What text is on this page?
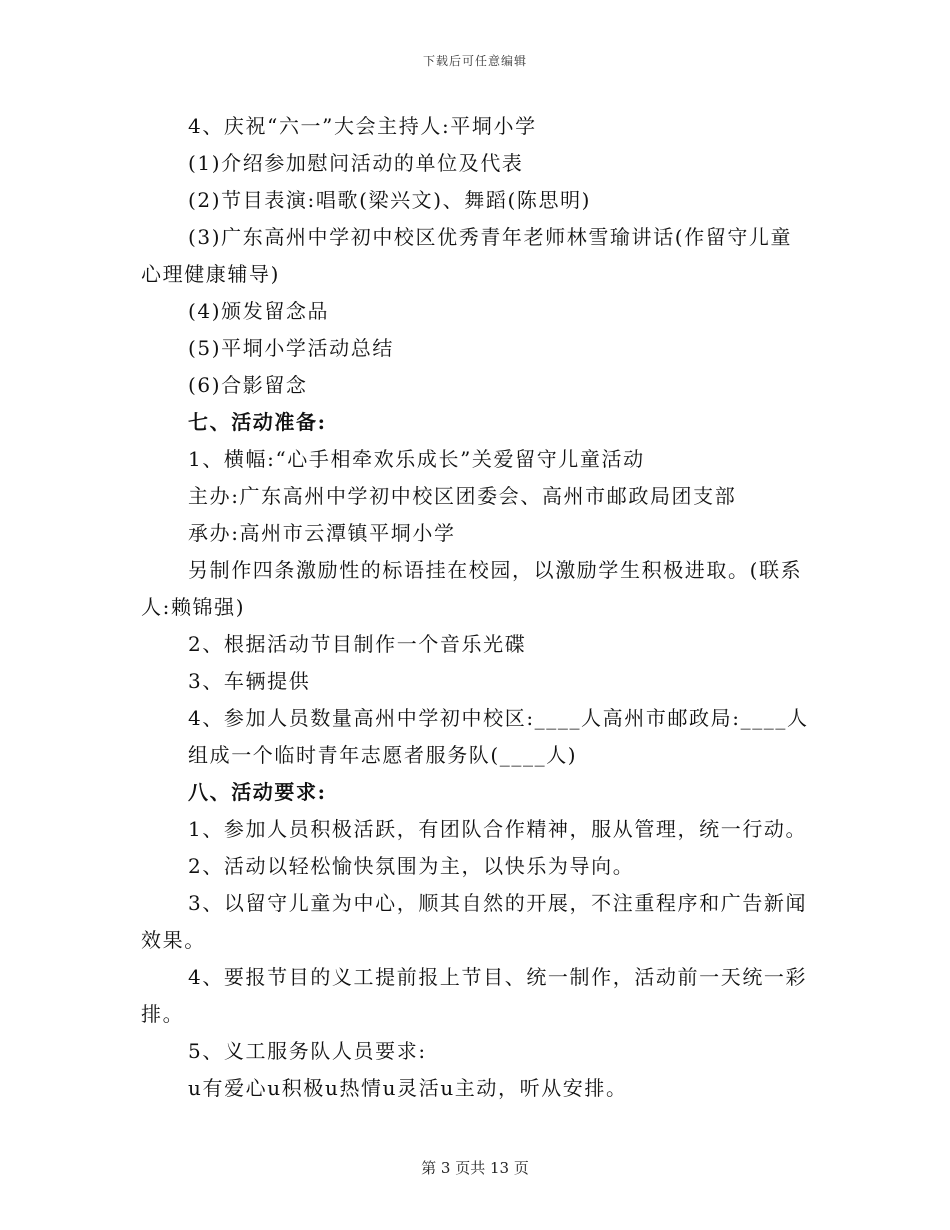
下载后可任意编辑
4、庆祝“六一”大会主持人:平垌小学
(1)介绍参加慰问活动的单位及代表
(2)节目表演:唱歌(梁兴文)、舞蹈(陈思明)
(3)广东高州中学初中校区优秀青年老师林雪瑜讲话(作留守儿童
心理健康辅导)
(4)颁发留念品
(5)平垌小学活动总结
(6)合影留念
七、活动准备:
1、横幅:“心手相牵欢乐成长”关爱留守儿童活动
主办:广东高州中学初中校区团委会、高州市邮政局团支部
承办:高州市云潭镇平垌小学
另制作四条激励性的标语挂在校园，以激励学生积极进取。(联系
人:赖锦强)
2、根据活动节目制作一个音乐光碟
3、车辆提供
4、参加人员数量高州中学初中校区:____人高州市邮政局:____人
组成一个临时青年志愿者服务队(____人)
八、活动要求:
1、参加人员积极活跃，有团队合作精神，服从管理，统一行动。
2、活动以轻松愉快氛围为主，以快乐为导向。
3、以留守儿童为中心，顺其自然的开展，不注重程序和广告新闻
效果。
4、要报节目的义工提前报上节目、统一制作，活动前一天统一彩
排。
5、义工服务队人员要求:
u有爱心u积极u热情u灵活u主动，听从安排。
第 3 页共 13 页
